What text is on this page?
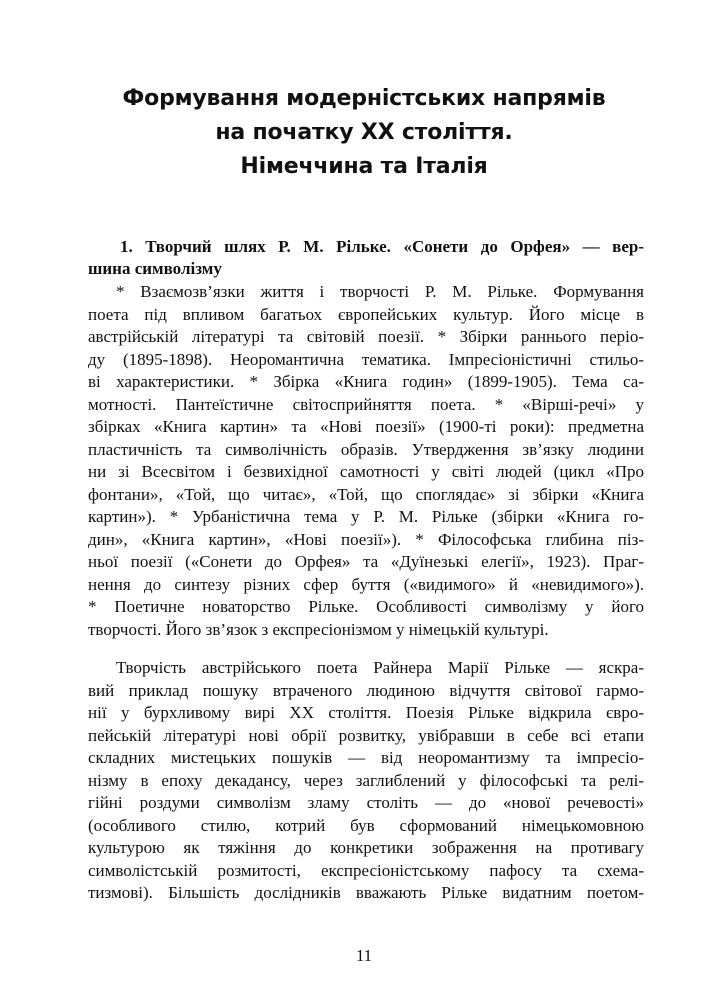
Формування модерністських напрямів
на початку XX століття.
Німеччина та Італія
1. Творчий шлях Р. М. Рільке. «Сонети до Орфея» — вер-
шина символізму
* Взаємозв’язки життя і творчості Р. М. Рільке. Формування
поета під впливом багатьох європейських культур. Його місце в
австрійській літературі та світовій поезії. * Збірки раннього періо-
ду (1895-1898). Неоромантична тематика. Імпресіоністичні стильо-
ві характеристики. * Збірка «Книга годин» (1899-1905). Тема са-
мотності. Пантеїстичне світосприйняття поета. * «Вірші-речі» у
збірках «Книга картин» та «Нові поезії» (1900-ті роки): предметна
пластичність та символічність образів. Утвердження зв’язку людини
ни зі Всесвітом і безвихідної самотності у світі людей (цикл «Про
фонтани», «Той, що читає», «Той, що споглядає» зі збірки «Книга
картин»). * Урбаністична тема у Р. М. Рільке (збірки «Книга го-
дин», «Книга картин», «Нові поезії»). * Філософська глибина піз-
ньої поезії («Сонети до Орфея» та «Дуїнезькі елегії», 1923). Праг-
нення до синтезу різних сфер буття («видимого» й «невидимого»).
* Поетичне новаторство Рільке. Особливості символізму у його
творчості. Його зв’язок з експресіонізмом у німецькій культурі.
Творчість австрійського поета Райнера Марії Рільке — яскра-
вий приклад пошуку втраченого людиною відчуття світової гармо-
нії у бурхливому вирі XX століття. Поезія Рільке відкрила євро-
пейській літературі нові обрії розвитку, увібравши в себе всі етапи
складних мистецьких пошуків — від неоромантизму та імпресіо-
нізму в епоху декадансу, через заглиблений у філософські та релі-
гійні роздуми символізм зламу століть — до «нової речевості»
(особливого стилю, котрий був сформований німецькомовною
культурою як тяжіння до конкретики зображення на противагу
символістській розмитості, експресіоністському пафосу та схема-
тизмові). Більшість дослідників вважають Рільке видатним поетом-
11
